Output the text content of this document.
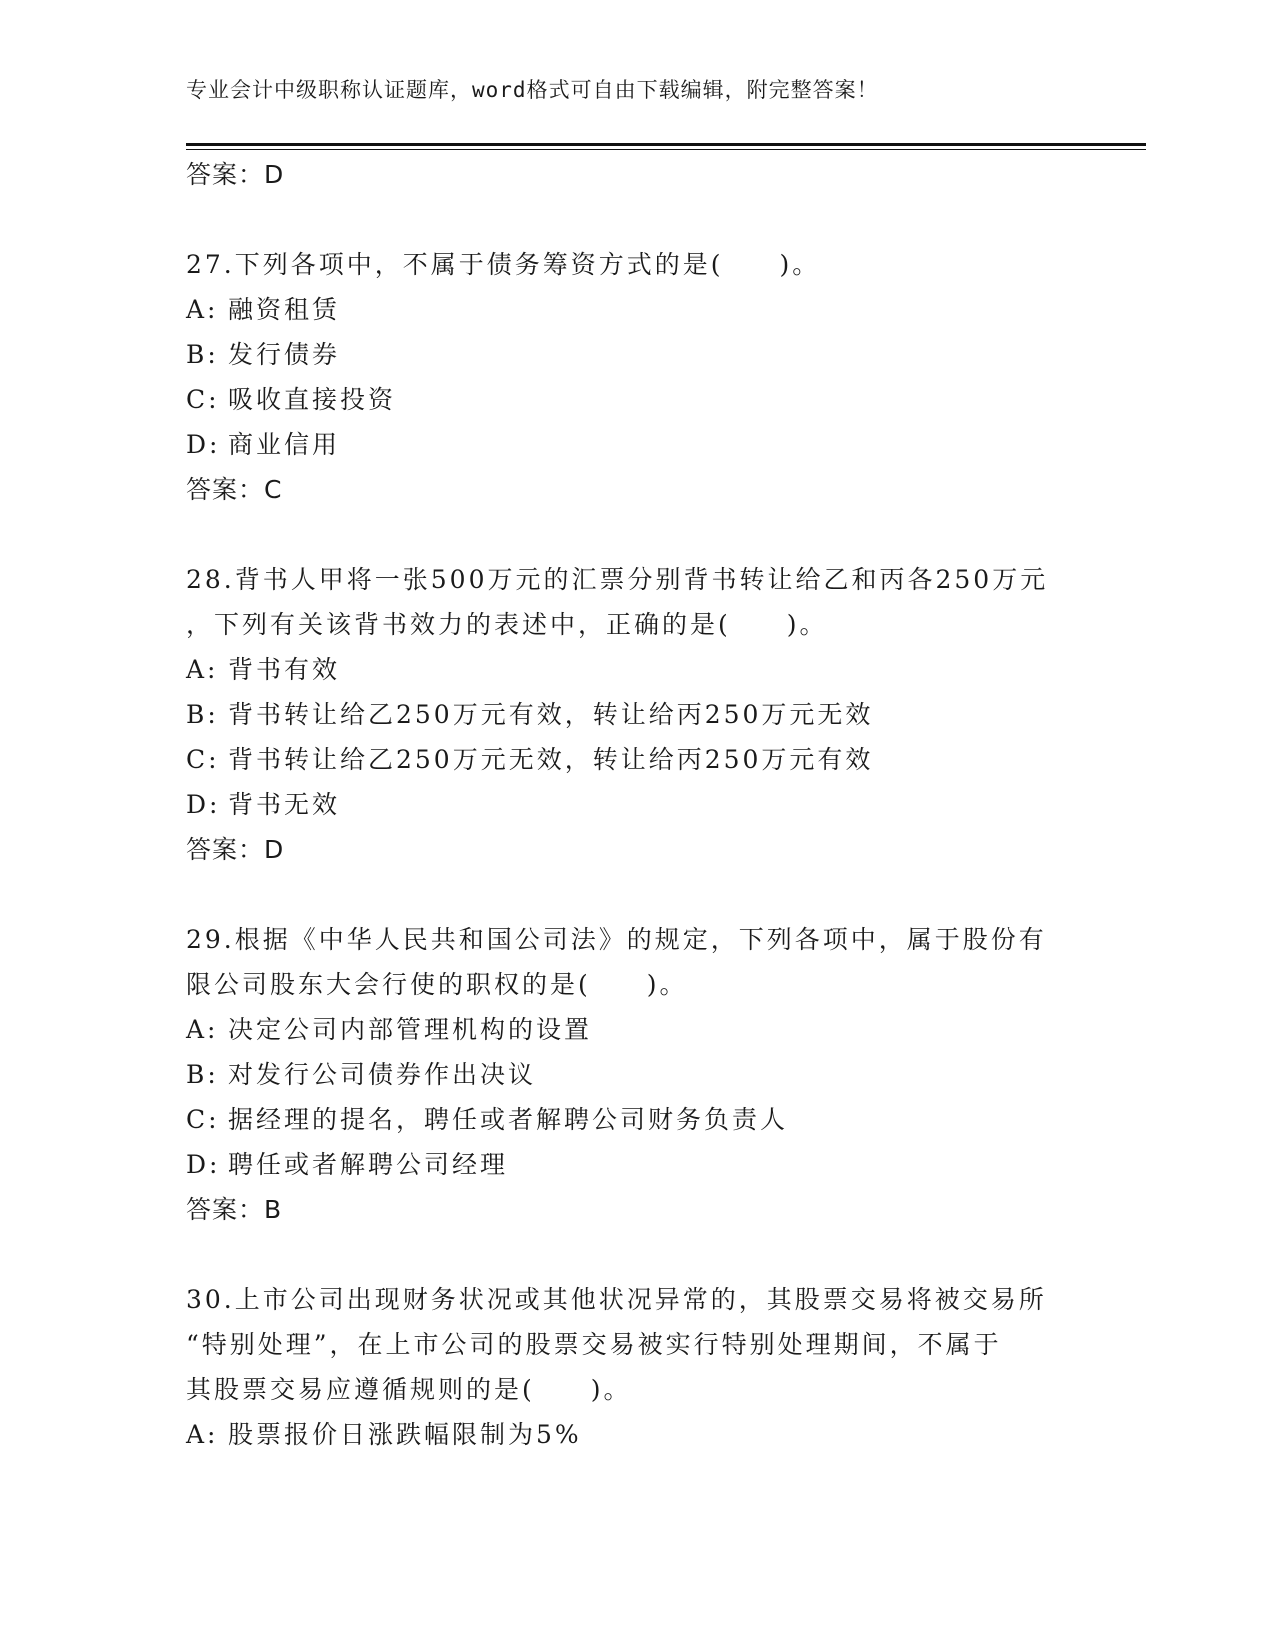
专业会计中级职称认证题库，word格式可自由下载编辑，附完整答案！
答案：D
27.下列各项中，不属于债务筹资方式的是(　　)。
A: 融资租赁
B: 发行债券
C: 吸收直接投资
D: 商业信用
答案：C
28.背书人甲将一张500万元的汇票分别背书转让给乙和丙各250万元
，下列有关该背书效力的表述中，正确的是(　　)。
A: 背书有效
B: 背书转让给乙250万元有效，转让给丙250万元无效
C: 背书转让给乙250万元无效，转让给丙250万元有效
D: 背书无效
答案：D
29.根据《中华人民共和国公司法》的规定，下列各项中，属于股份有
限公司股东大会行使的职权的是(　　)。
A: 决定公司内部管理机构的设置
B: 对发行公司债券作出决议
C: 据经理的提名，聘任或者解聘公司财务负责人
D: 聘任或者解聘公司经理
答案：B
30.上市公司出现财务状况或其他状况异常的，其股票交易将被交易所
“特别处理”，在上市公司的股票交易被实行特别处理期间，不属于
其股票交易应遵循规则的是(　　)。
A: 股票报价日涨跌幅限制为5%
